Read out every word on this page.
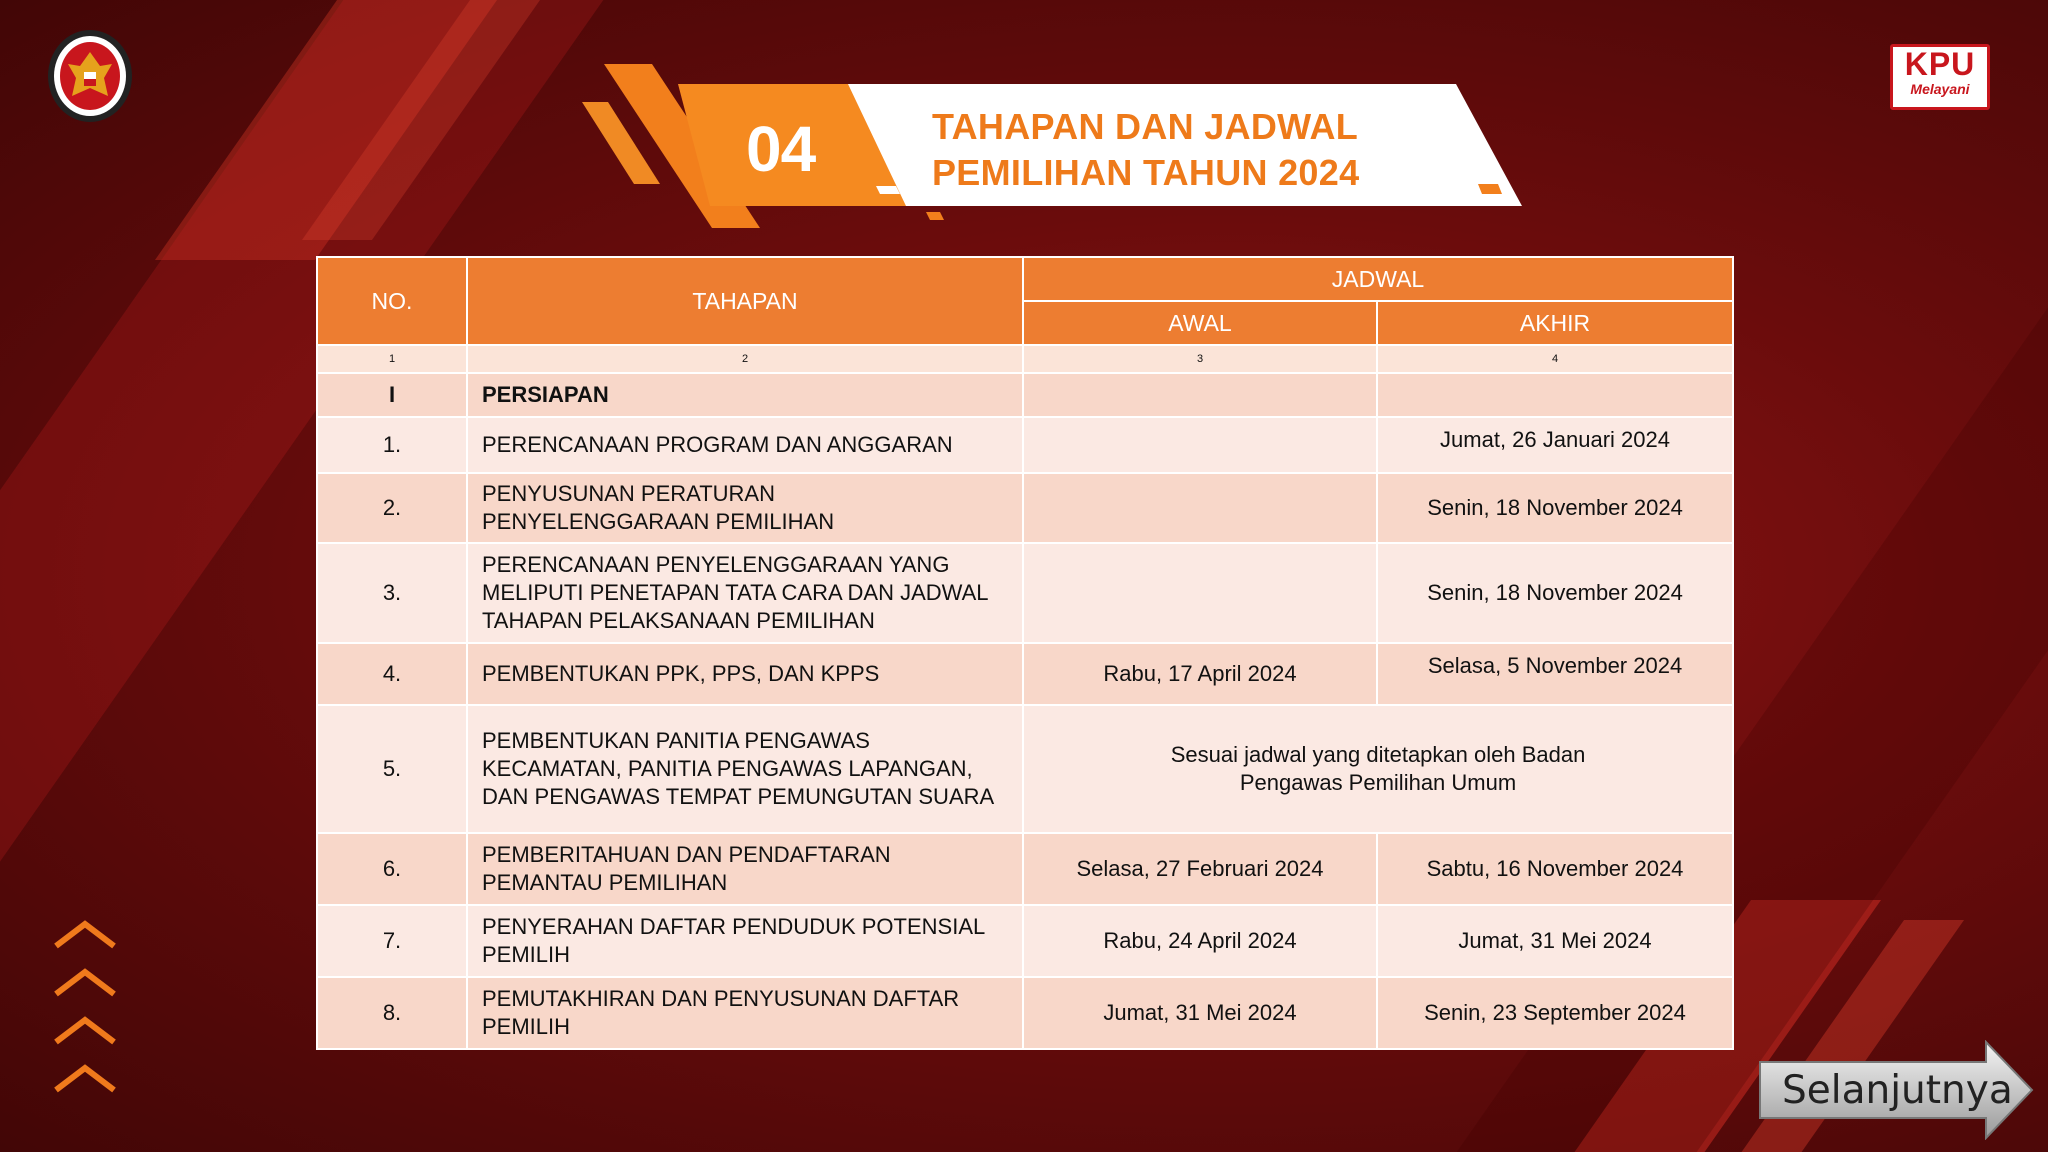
KPU
Melayani
04	TAHAPAN DAN JADWAL
PEMILIHAN TAHUN 2024
NO.	TAHAPAN	JADWAL	
		AWAL	AKHIR
1	2	3	4
I	PERSIAPAN		
1.	PERENCANAAN PROGRAM DAN ANGGARAN		Jumat, 26 Januari 2024
2.	PENYUSUNAN PERATURAN PENYELENGGARAAN PEMILIHAN		Senin, 18 November 2024
3.	PERENCANAAN PENYELENGGARAAN YANG MELIPUTI PENETAPAN TATA CARA DAN JADWAL TAHAPAN PELAKSANAAN PEMILIHAN		Senin, 18 November 2024
4.	PEMBENTUKAN PPK, PPS, DAN KPPS	Rabu, 17 April 2024	Selasa, 5 November 2024
5.	PEMBENTUKAN PANITIA PENGAWAS KECAMATAN, PANITIA PENGAWAS LAPANGAN, DAN PENGAWAS TEMPAT PEMUNGUTAN SUARA	Sesuai jadwal yang ditetapkan oleh Badan Pengawas Pemilihan Umum	
6.	PEMBERITAHUAN DAN PENDAFTARAN PEMANTAU PEMILIHAN	Selasa, 27 Februari 2024	Sabtu, 16 November 2024
7.	PENYERAHAN DAFTAR PENDUDUK POTENSIAL PEMILIH	Rabu, 24 April 2024	Jumat, 31 Mei 2024
8.	PEMUTAKHIRAN DAN PENYUSUNAN DAFTAR PEMILIH	Jumat, 31 Mei 2024	Senin, 23 September 2024
Selanjutnya
